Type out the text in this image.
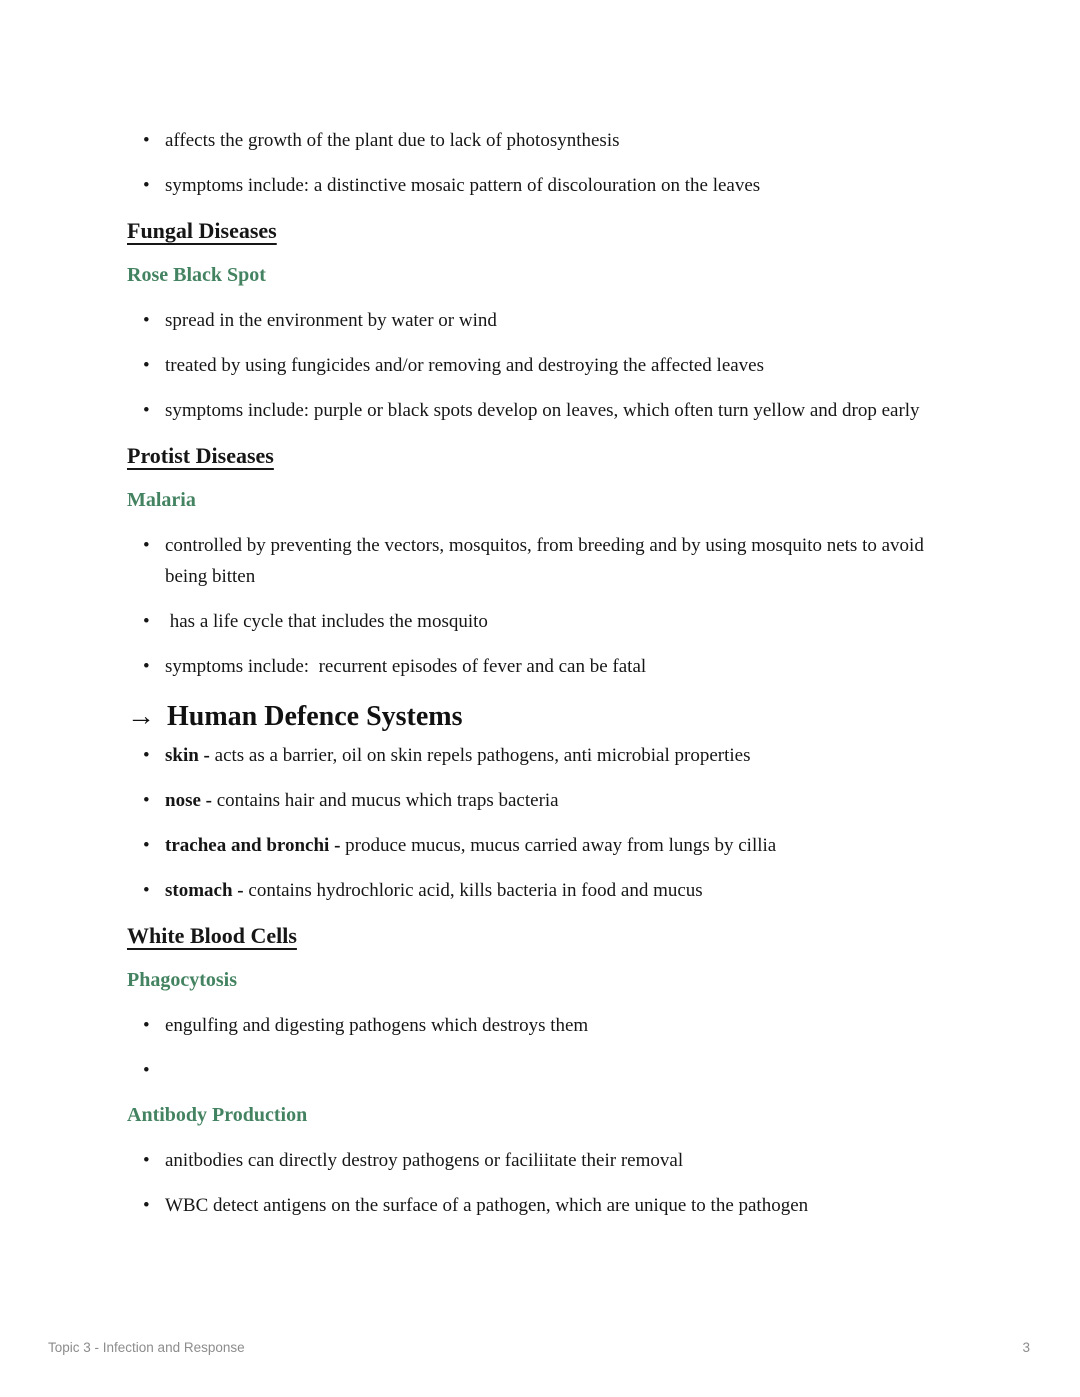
•
affects the growth of the plant due to lack of photosynthesis
•
symptoms include: a distinctive mosaic pattern of discolouration on the leaves
Fungal Diseases
Rose Black Spot
•
spread in the environment by water or wind
•
treated by using fungicides and/or removing and destroying the affected leaves
•
symptoms include: purple or black spots develop on leaves, which often turn yellow and drop early
Protist Diseases
Malaria
•
controlled by preventing the vectors, mosquitos, from breeding and by using mosquito nets to avoid being bitten
•
has a life cycle that includes the mosquito
•
symptoms include:  recurrent episodes of fever and can be fatal
→ Human Defence Systems
•
skin - acts as a barrier, oil on skin repels pathogens, anti microbial properties
•
nose - contains hair and mucus which traps bacteria
•
trachea and bronchi - produce mucus, mucus carried away from lungs by cillia
•
stomach - contains hydrochloric acid, kills bacteria in food and mucus
White Blood Cells
Phagocytosis
•
engulfing and digesting pathogens which destroys them
•
Antibody Production
•
anitbodies can directly destroy pathogens or faciliitate their removal
•
WBC detect antigens on the surface of a pathogen, which are unique to the pathogen
Topic 3 - Infection and Response	3
